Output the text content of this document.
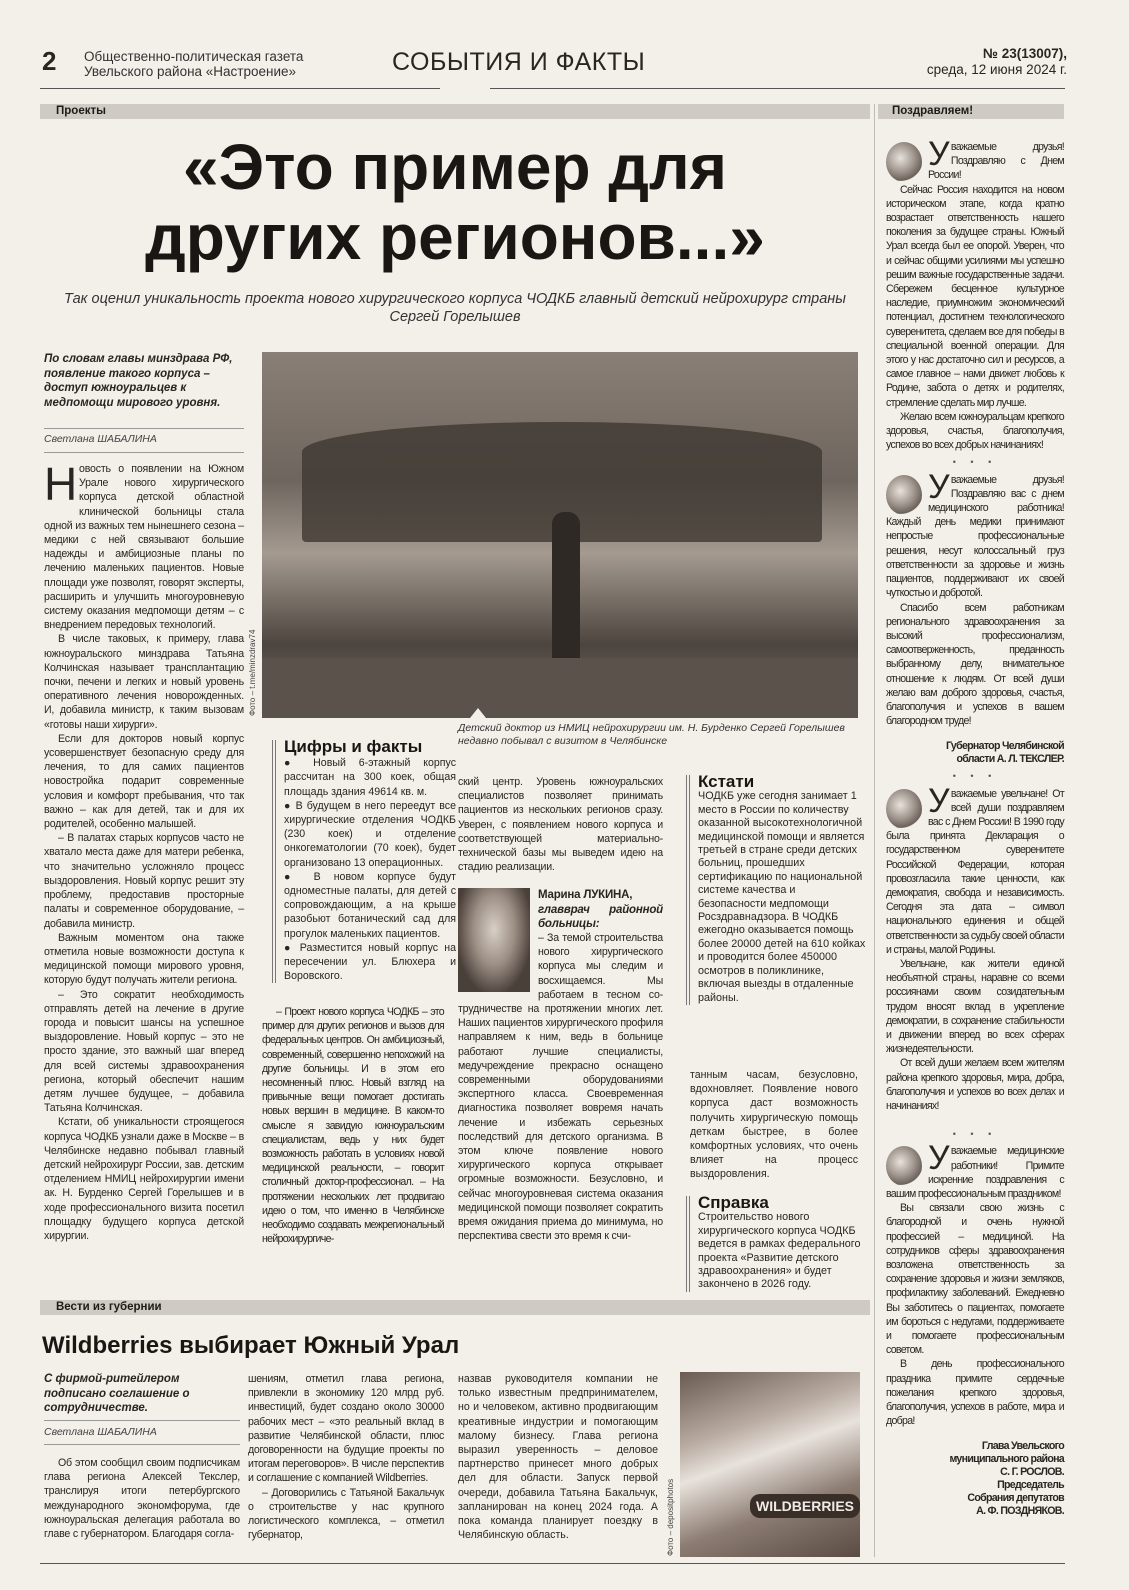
2 Общественно-политическая газета
Увельского района «Настроение»	СОБЫТИЯ И ФАКТЫ	№ 23(13007),
среда, 12 июня 2024 г.
Проекты	Поздравляем!
«Это пример для
других регионов...»
Так оценил уникальность проекта нового хирургического корпуса ЧОДКБ главный детский нейрохирург страны Сергей Горелышев
По словам главы минздрава РФ, появление такого корпуса – доступ южноуральцев к медпомощи мирового уровня.
Светлана ШАБАЛИНА
Н овость о появлении на Южном Урале нового хирургического корпуса детской областной клинической больницы стала одной из важных тем нынешнего сезона – медики с ней связывают большие надежды и амбициозные планы по лечению маленьких пациентов. Новые площади уже позволят, говорят эксперты, расширить и улучшить многоуровневую систему оказания медпомощи детям – с внедрением передовых технологий.

В числе таковых, к примеру, глава южноуральского минздрава Татьяна Колчинская называет трансплантацию почки, печени и легких и новый уровень оперативного лечения новорожденных. И, добавила министр, к таким вызовам «готовы наши хирурги».

Если для докторов новый корпус усовершенствует безопасную среду для лечения, то для самих пациентов новостройка подарит современные условия и комфорт пребывания, что так важно – как для детей, так и для их родителей, особенно малышей.

– В палатах старых корпусов часто не хватало места даже для матери ребенка, что значительно усложняло процесс выздоровления. Новый корпус решит эту проблему, предоставив просторные палаты и современное оборудование, – добавила министр.

Важным моментом она также отметила новые возможности доступа к медицинской помощи мирового уровня, которую будут получать жители региона.

– Это сократит необходимость отправлять детей на лечение в другие города и повысит шансы на успешное выздоровление. Новый корпус – это не просто здание, это важный шаг вперед для всей системы здравоохранения региона, который обеспечит нашим детям лучшее будущее, – добавила Татьяна Колчинская.

Кстати, об уникальности строящегося корпуса ЧОДКБ узнали даже в Москве – в Челябинске недавно побывал главный детский нейрохирург России, зав. детским отделением НМИЦ нейрохирургии имени ак. Н. Бурденко Сергей Горелышев и в ходе профессионального визита посетил площадку будущего корпуса детской хирургии.

Фото – t.me/minzdrav74
Детский доктор из НМИЦ нейрохирургии им. Н. Бурденко Сергей Горелышев недавно побывал с визитом в Челябинске
Цифры и факты
● Новый 6-этажный корпус рассчитан на 300 коек, общая площадь здания 49614 кв. м.
● В будущем в него переедут все хирургические отделения ЧОДКБ (230 коек) и отделение онкогематологии (70 коек), будет организовано 13 операционных.
● В новом корпусе будут одноместные палаты, для детей с сопровождающим, а на крыше разобьют ботанический сад для прогулок маленьких пациентов.
● Разместится новый корпус на пересечении ул. Блюхера и Воровского.

– Проект нового корпуса ЧОДКБ – это пример для других регионов и вызов для федеральных центров. Он амбициозный, современный, совершенно непохожий на другие больницы. И в этом его несомненный плюс. Новый взгляд на привычные вещи помогает достигать новых вершин в медицине. В каком-то смысле я завидую южноуральским специалистам, ведь у них будет возможность работать в условиях новой медицинской реальности, – говорит столичный доктор-профессионал. – На протяжении нескольких лет продвигаю идею о том, что именно в Челябинске необходимо создавать межрегиональный нейрохирургиче-

ский центр. Уровень южноуральских специалистов позволяет принимать пациентов из нескольких регионов сразу. Уверен, с появлением нового корпуса и соответствующей материально-технической базы мы выведем идею на стадию реализации.

Марина ЛУКИНА,
главврач районной больницы:
– За темой строительства нового хирургического корпуса мы следим и восхищаемся. Мы работаем в тесном со- трудничестве на протяжении многих лет. Наших пациентов хирургического профиля направляем к ним, ведь в больнице работают лучшие специалисты, медучреждение прекрасно оснащено современными оборудованиями экспертного класса. Своевременная диагностика позволяет вовремя начать лечение и избежать серьезных последствий для детского организма. В этом ключе появление нового хирургического корпуса открывает огромные возможности. Безусловно, и сейчас многоуровневая система оказания медицинской помощи позволяет сократить время ожидания приема до минимума, но перспектива свести это время к счи-
Кстати
ЧОДКБ уже сегодня занимает 1 место в России по количеству оказанной высокотехнологичной медицинской помощи и является третьей в стране среди детских больниц, прошедших сертификацию по национальной системе качества и безопасности медпомощи Росздравнадзора. В ЧОДКБ ежегодно оказывается помощь более 20000 детей на 610 койках и проводится более 450000 осмотров в поликлинике, включая выезды в отдаленные районы.

танным часам, безусловно, вдохновляет. Появление нового корпуса даст возможность получить хирургическую помощь деткам быстрее, в более комфортных условиях, что очень влияет на процесс выздоровления.

Справка
Строительство нового хирургического корпуса ЧОДКБ ведется в рамках федерального проекта «Развитие детского здравоохранения» и будет закончено в 2026 году.
Вести из губернии
Wildberries выбирает Южный Урал
С фирмой-ритейлером подписано соглашение о сотрудничестве.
Светлана ШАБАЛИНА

Об этом сообщил своим подписчикам глава региона Алексей Текслер, транслируя итоги петербургского международного экономфорума, где южноуральская делегация работала во главе с губернатором. Благодаря согла-

шениям, отметил глава региона, привлекли в экономику 120 млрд руб. инвестиций, будет создано около 30000 рабочих мест – «это реальный вклад в развитие Челябинской области, плюс договоренности на будущие проекты по итогам переговоров». В числе перспектив и соглашение с компанией Wildberries.

– Договорились с Татьяной Бакальчук о строительстве у нас крупного логистического комплекса, – отметил губернатор,

назвав руководителя компании не только известным предпринимателем, но и человеком, активно продвигающим креативные индустрии и помогающим малому бизнесу. Глава региона выразил уверенность – деловое партнерство принесет много добрых дел для области. Запуск первой очереди, добавила Татьяна Бакальчук, запланирован на конец 2024 года. А пока команда планирует поездку в Челябинскую область.

WILDBERRIES
Фото – depositphotos
У важаемые друзья! Поздравляю с Днем России!

Сейчас Россия находится на новом историческом этапе, когда кратно возрастает ответственность нашего поколения за будущее страны. Южный Урал всегда был ее опорой. Уверен, что и сейчас общими усилиями мы успешно решим важные государственные задачи. Сбережем бесценное культурное наследие, приумножим экономический потенциал, достигнем технологического суверенитета, сделаем все для победы в специальной военной операции. Для этого у нас достаточно сил и ресурсов, а самое главное – нами движет любовь к Родине, забота о детях и родителях, стремление сделать мир лучше.

Желаю всем южноуральцам крепкого здоровья, счастья, благополучия, успехов во всех добрых начинаниях!

• • •
У важаемые друзья! Поздравляю вас с днем медицинского работника! Каждый день медики принимают непростые профессиональные решения, несут колоссальный груз ответственности за здоровье и жизнь пациентов, поддерживают их своей чуткостью и добротой.

Спасибо всем работникам регионального здравоохранения за высокий профессионализм, самоотверженность, преданность выбранному делу, внимательное отношение к людям. От всей души желаю вам доброго здоровья, счастья, благополучия и успехов в вашем благородном труде!

Губернатор Челябинской
области А. Л. ТЕКСЛЕР.
• • •
У важаемые увельчане! От всей души поздравляем вас с Днем России! В 1990 году была принята Декларация о государственном суверенитете Российской Федерации, которая провозгласила такие ценности, как демократия, свобода и независимость. Сегодня эта дата – символ национального единения и общей ответственности за судьбу своей области и страны, малой Родины.

Увельчане, как жители единой необъятной страны, наравне со всеми россиянами своим созидательным трудом вносят вклад в укрепление демократии, в сохранение стабильности и движении вперед во всех сферах жизнедеятельности.

От всей души желаем всем жителям района крепкого здоровья, мира, добра, благополучия и успехов во всех делах и начинаниях!

• • •
У важаемые медицинские работники! Примите искренние поздравления с вашим профессиональным праздником!

Вы связали свою жизнь с благородной и очень нужной профессией – медициной. На сотрудников сферы здравоохранения возложена ответственность за сохранение здоровья и жизни земляков, профилактику заболеваний. Ежедневно Вы заботитесь о пациентах, помогаете им бороться с недугами, поддерживаете и помогаете профессиональным советом.

В день профессионального праздника примите сердечные пожелания крепкого здоровья, благополучия, успехов в работе, мира и добра!

Глава Увельского
муниципального района
С. Г. РОСЛОВ.
Председатель
Собрания депутатов
А. Ф. ПОЗДНЯКОВ.
